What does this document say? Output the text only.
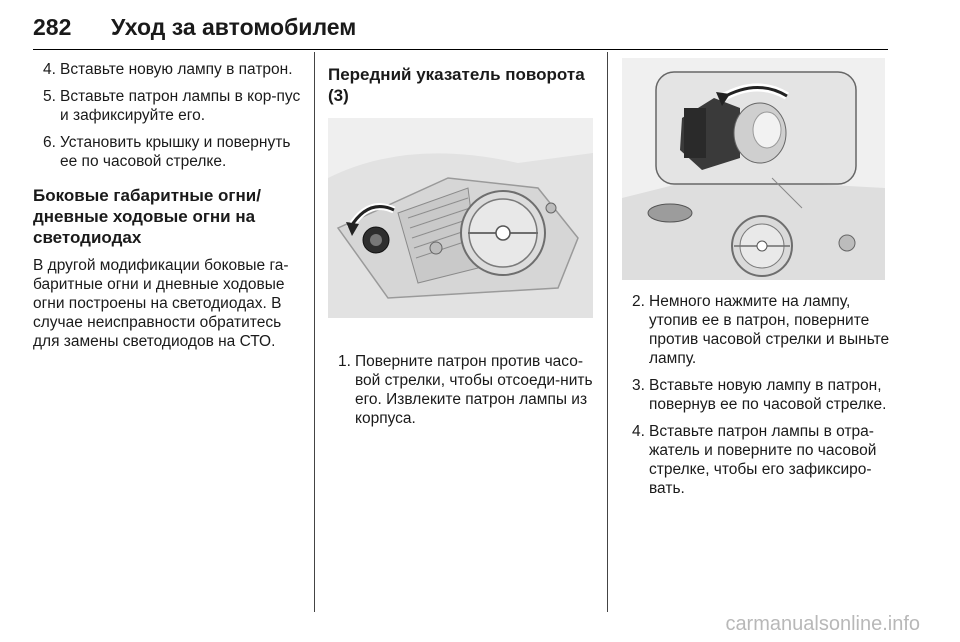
282 Уход за автомобилем
4. Вставьте новую лампу в патрон.
5. Вставьте патрон лампы в кор-пус и зафиксируйте его.
6. Установить крышку и повернуть ее по часовой стрелке.
Боковые габаритные огни/ дневные ходовые огни на светодиодах

В другой модификации боковые га-баритные огни и дневные ходовые огни построены на светодиодах. В случае неисправности обратитесь для замены светодиодов на СТО.

Передний указатель поворота (3)
1. Поверните патрон против часо-вой стрелки, чтобы отсоеди-нить его. Извлеките патрон лампы из корпуса.
2. Немного нажмите на лампу, утопив ее в патрон, поверните против часовой стрелки и выньте лампу.
3. Вставьте новую лампу в патрон, повернув ее по часовой стрелке.
4. Вставьте патрон лампы в отра-жатель и поверните по часовой стрелке, чтобы его зафиксиро-вать.
carmanualsonline.info
